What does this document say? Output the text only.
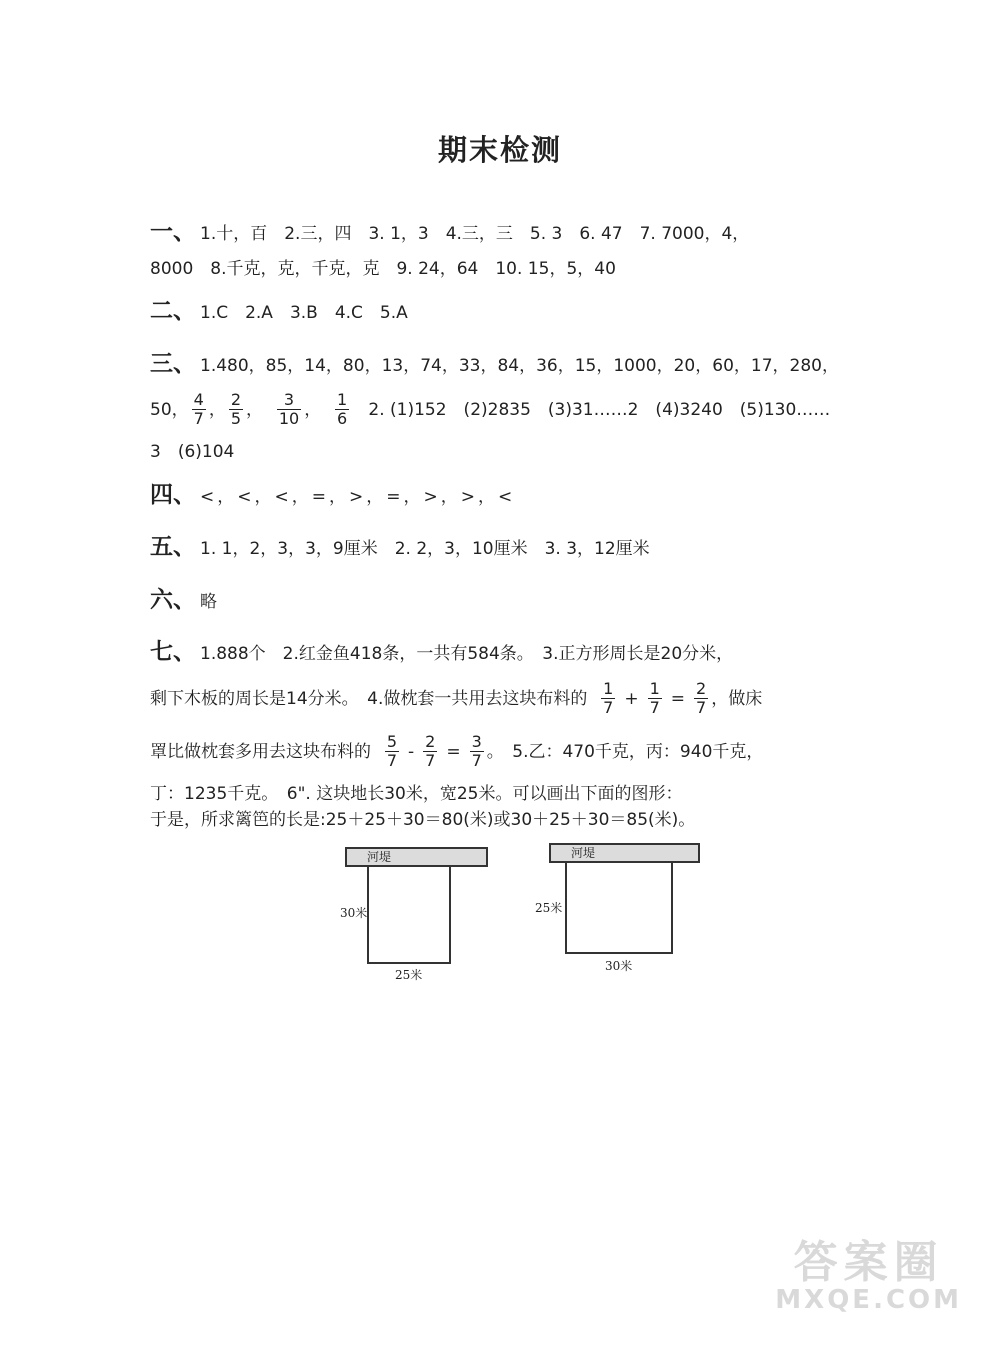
期末检测
一、 1.十，百　2.三，四　3. 1，3　4.三，三　5. 3　6. 47　7. 7000，4，
8000　8.千克，克，千克，克　9. 24，64　10. 15，5，40
二、 1.C　2.A　3.B　4.C　5.A
三、 1.480，85，14，80，13，74，33，84，36，15，1000，20，60，17，280，
50， $\frac{4}{7}$ ， $\frac{2}{5}$ ， $\frac{3}{10}$ ， $\frac{1}{6} 2$. (1)152　(2)2835　(3)31……2　(4)3240　(5)130……
3　(6)104
四、 <，<，<，=，>，=，>，>，<
五、 1. 1，2，3，3，9厘米　2. 2，3，10厘米　3. 3，12厘米
六、 略
七、 1.888个　2.红金鱼418条，一共有584条。　3.正方形周长是20分米，
剩下木板的周长是14分米。　4.做枕套一共用去这块布料的 $\frac{1}{7} + \frac{1}{7} = \frac{2}{7}$ ，做床
罩比做枕套多用去这块布料的 $\frac{5}{7} - \frac{2}{7} = \frac{3}{7}$ 。　5.乙：470千克，丙：940千克，
丁：1235千克。　6". 这块地长30米，宽25米。可以画出下面的图形：
于是，所求篱笆的长是:25＋25＋30＝80(米)或30＋25＋30＝85(米)。
河堤
30米
25米
河堤
25米
30米
答案圈
MXQE.COM
